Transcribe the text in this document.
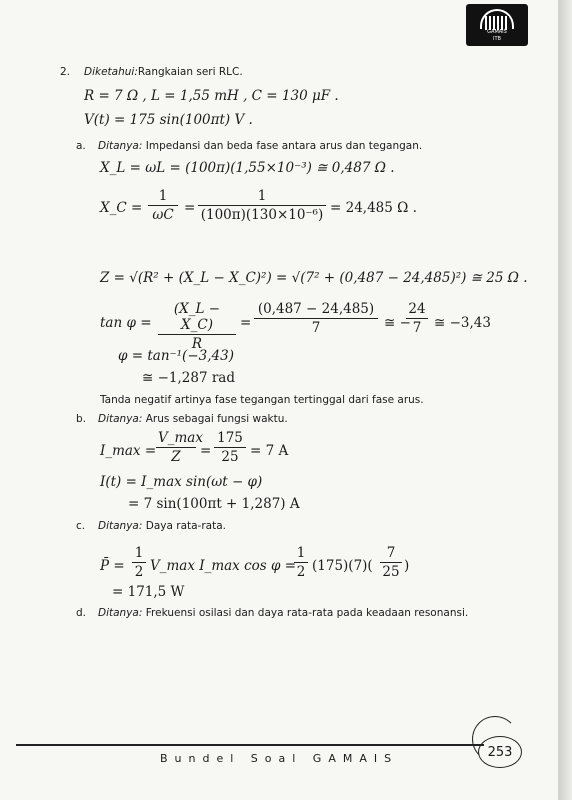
GAMAIS
ITB
2. Diketahui:Rangkaian seri RLC.
R = 7 Ω , L = 1,55 mH , C = 130 μF .
V(t) = 175 sin(100πt) V .
a. Ditanya: Impedansi dan beda fase antara arus dan tegangan.
X_L = ωL = (100π)(1,55×10⁻³) ≅ 0,487 Ω .
X_C = $\frac{1}{\omega C} = \frac{1}{\text{(100π)(130×10⁻⁶)}} = 24,485$ Ω .
Z = √(R² + (X_L − X_C)²) = √(7² + (0,487 − 24,485)²) ≅ 25 Ω .
$\tan \varphi = \frac{(X\_L - X\_C)}{R} = \frac{(0,487 - 24,485)}{7}$ ≅ −
$\frac{24}{7}$ ≅ −3,43
φ = tan⁻¹(−3,43)
≅ −1,287 rad
Tanda negatif artinya fase tegangan tertinggal dari fase arus.
b. Ditanya: Arus sebagai fungsi waktu.
I_max =
V_max
Z	= $\frac{175}{25} = 7$ A
I(t) = I_max sin(ωt − φ)
= 7 sin(100πt + 1,287) A
c. Ditanya: Daya rata-rata.
P̄ = $\frac{1}{2}$ V_max I_max cos φ =
$\frac{1}{2} (175)(7)( \frac{7}{25}$ )
= 171,5 W
d. Ditanya: Frekuensi osilasi dan daya rata-rata pada keadaan resonansi.
253
Bundel Soal GAMAIS
